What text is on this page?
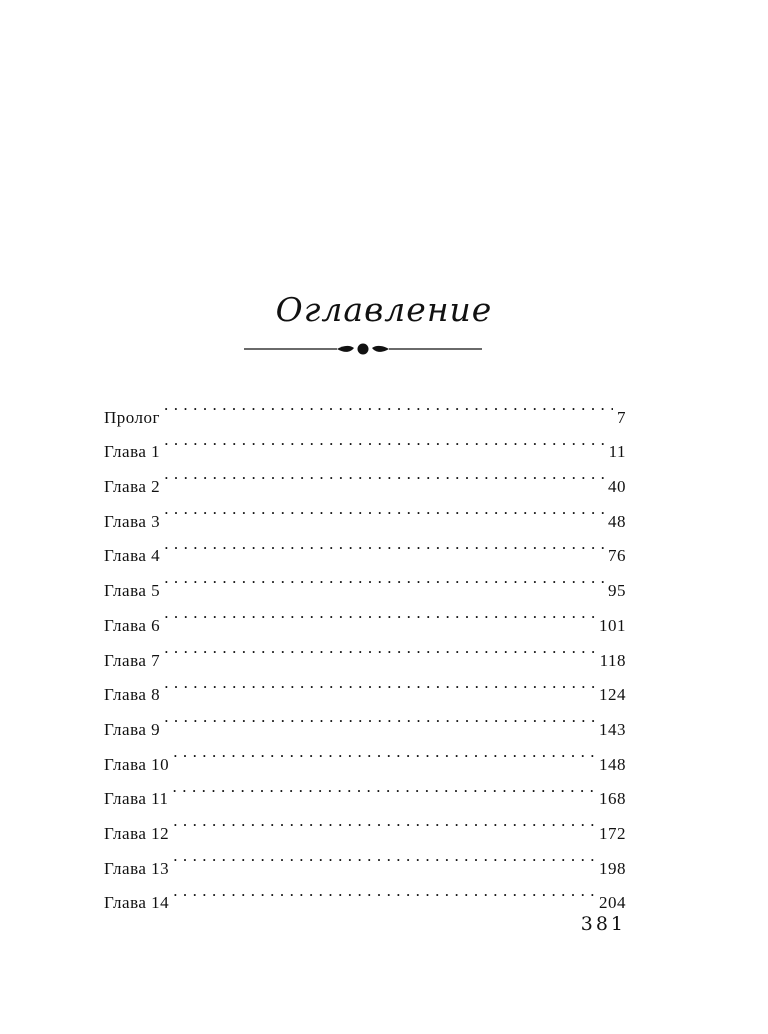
Оглавление
Пролог . . .	7
Глава 1 . . .	11
Глава 2 . . .	40
Глава 3 . . .	48
Глава 4 . . .	76
Глава 5 . . .	95
Глава 6 . . .	101
Глава 7 . . .	118
Глава 8 . . .	124
Глава 9 . . .	143
Глава 10 . . .	148
Глава 11 . . .	168
Глава 12 . . .	172
Глава 13 . . .	198
Глава 14 . . .	204
381
